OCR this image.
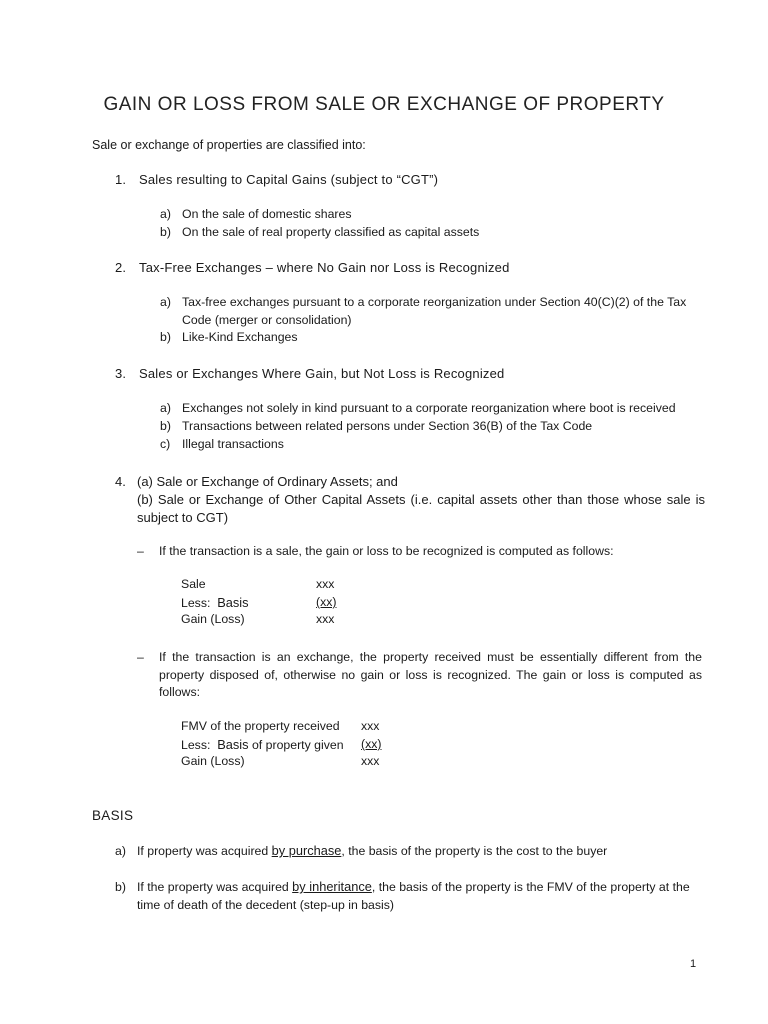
GAIN OR LOSS FROM SALE OR EXCHANGE OF PROPERTY
Sale or exchange of properties are classified into:
1. Sales resulting to Capital Gains (subject to “CGT”)
a) On the sale of domestic shares
b) On the sale of real property classified as capital assets
2. Tax-Free Exchanges – where No Gain nor Loss is Recognized
a) Tax-free exchanges pursuant to a corporate reorganization under Section 40(C)(2) of the Tax Code (merger or consolidation)
b) Like-Kind Exchanges
3. Sales or Exchanges Where Gain, but Not Loss is Recognized
a) Exchanges not solely in kind pursuant to a corporate reorganization where boot is received
b) Transactions between related persons under Section 36(B) of the Tax Code
c) Illegal transactions
4. (a) Sale or Exchange of Ordinary Assets; and
(b) Sale or Exchange of Other Capital Assets (i.e. capital assets other than those whose sale is subject to CGT)
– If the transaction is a sale, the gain or loss to be recognized is computed as follows:
Sale	xxx
Less: Basis	(xx)
Gain (Loss)	xxx
– If the transaction is an exchange, the property received must be essentially different from the property disposed of, otherwise no gain or loss is recognized. The gain or loss is computed as follows:
FMV of the property received xxx
Less: Basis of property given (xx)
Gain (Loss)	xxx
BASIS
a) If property was acquired by purchase, the basis of the property is the cost to the buyer
b) If the property was acquired by inheritance, the basis of the property is the FMV of the property at the time of death of the decedent (step-up in basis)
1
